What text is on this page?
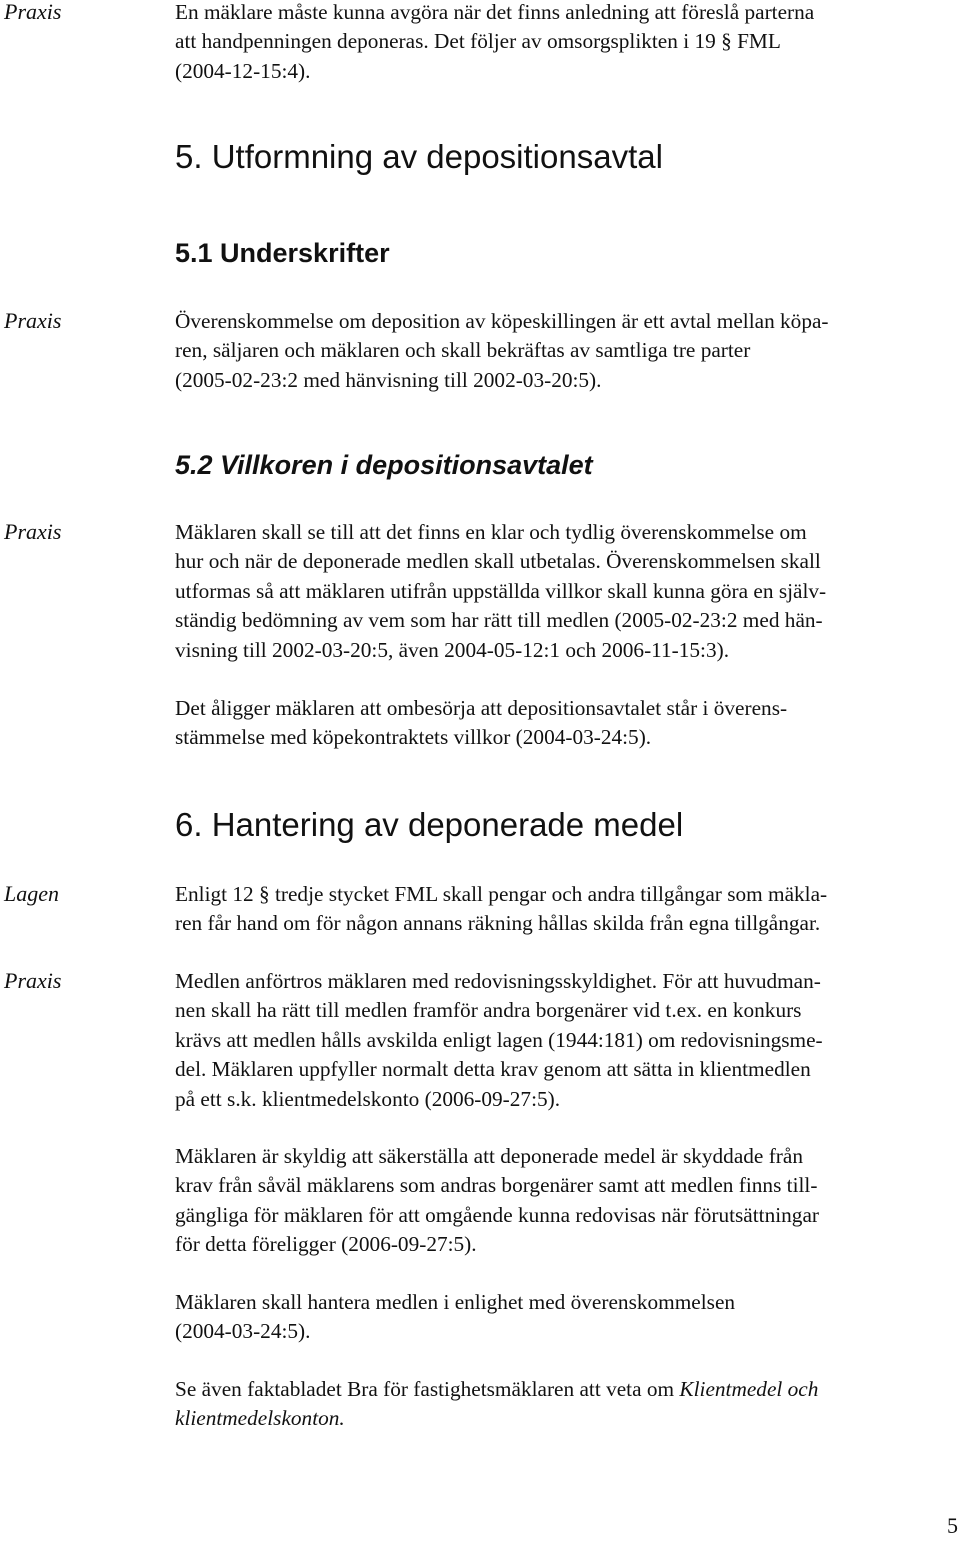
Praxis	En mäklare måste kunna avgöra när det finns anledning att föreslå parterna
att handpenningen deponeras. Det följer av omsorgsplikten i 19 § FML
(2004-12-15:4).
5. Utformning av depositionsavtal
5.1 Underskrifter
Praxis	Överenskommelse om deposition av köpeskillingen är ett avtal mellan köpa-
ren, säljaren och mäklaren och skall bekräftas av samtliga tre parter
(2005-02-23:2 med hänvisning till 2002-03-20:5).
5.2 Villkoren i depositionsavtalet
Praxis	Mäklaren skall se till att det finns en klar och tydlig överenskommelse om
hur och när de deponerade medlen skall utbetalas. Överenskommelsen skall
utformas så att mäklaren utifrån uppställda villkor skall kunna göra en själv-
ständig bedömning av vem som har rätt till medlen (2005-02-23:2 med hän-
visning till 2002-03-20:5, även 2004-05-12:1 och 2006-11-15:3).
Det åligger mäklaren att ombesörja att depositionsavtalet står i överens-
stämmelse med köpekontraktets villkor (2004-03-24:5).
6. Hantering av deponerade medel
Lagen	Enligt 12 § tredje stycket FML skall pengar och andra tillgångar som mäkla-
ren får hand om för någon annans räkning hållas skilda från egna tillgångar.
Praxis	Medlen anförtros mäklaren med redovisningsskyldighet. För att huvudman-
nen skall ha rätt till medlen framför andra borgenärer vid t.ex. en konkurs
krävs att medlen hålls avskilda enligt lagen (1944:181) om redovisningsme-
del. Mäklaren uppfyller normalt detta krav genom att sätta in klientmedlen
på ett s.k. klientmedelskonto (2006-09-27:5).
Mäklaren är skyldig att säkerställa att deponerade medel är skyddade från
krav från såväl mäklarens som andras borgenärer samt att medlen finns till-
gängliga för mäklaren för att omgående kunna redovisas när förutsättningar
för detta föreligger (2006-09-27:5).
Mäklaren skall hantera medlen i enlighet med överenskommelsen
(2004-03-24:5).
Se även faktabladet Bra för fastighetsmäklaren att veta om Klientmedel och
klientmedelskonton.
5
